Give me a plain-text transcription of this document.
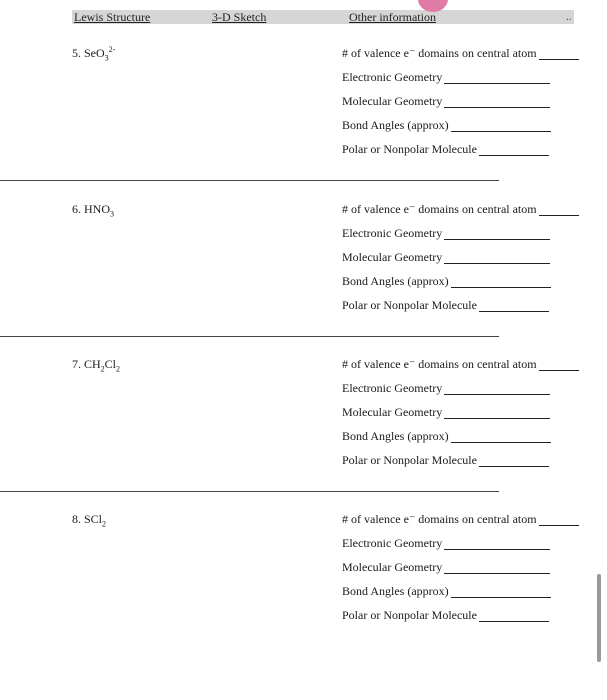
Lewis Structure	3-D Sketch	Other information	..
5. SeO$_3^{2-}$	# of valence e⁻ domains on central atom
Electronic Geometry
Molecular Geometry
Bond Angles (approx)
Polar or Nonpolar Molecule
6. $HNO_3$	# of valence e⁻ domains on central atom
Electronic Geometry
Molecular Geometry
Bond Angles (approx)
Polar or Nonpolar Molecule
7. $CH_2Cl_2$	# of valence e⁻ domains on central atom
Electronic Geometry
Molecular Geometry
Bond Angles (approx)
Polar or Nonpolar Molecule
8. SCl$_2$	# of valence e⁻ domains on central atom
Electronic Geometry
Molecular Geometry
Bond Angles (approx)
Polar or Nonpolar Molecule
